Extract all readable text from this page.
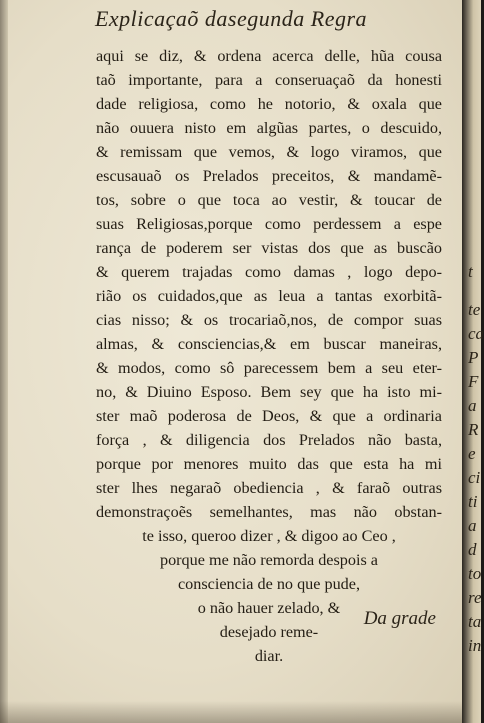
Explicaçaõ dasegunda Regra
aqui se diz, & ordena acerca delle, hũa cousa
taõ importante, para a conseruaçaõ da honesti
dade religiosa, como he notorio, & oxala que
não ouuera nisto em algũas partes, o descuido,
& remissam que vemos, & logo viramos, que
escusauaõ os Prelados preceitos, & mandamẽ-
tos, sobre o que toca ao vestir, & toucar de
suas Religiosas,porque como perdessem a espe
rança de poderem ser vistas dos que as buscão
& querem trajadas como damas , logo depo-
rião os cuidados,que as leua a tantas exorbitã-
cias nisso; & os trocariaõ,nos, de compor suas
almas, & consciencias,& em buscar maneiras,
& modos, como sô parecessem bem a seu eter-
no, & Diuino Esposo. Bem sey que ha isto mi-
ster maõ poderosa de Deos, & que a ordinaria
força , & diligencia dos Prelados não basta,
porque por menores muito das que esta ha mi
ster lhes negaraõ obediencia , & faraõ outras
demonstraçoẽs semelhantes, mas não obstan-
te isso, queroo dizer , & digoo ao Ceo ,
porque me não remorda despois a
consciencia de no que pude,
o não hauer zelado, &
desejado reme-
diar.
Da grade
t
te
ca
P
F
a
R
e
ci
ti
a
d
to
re
ta
in
